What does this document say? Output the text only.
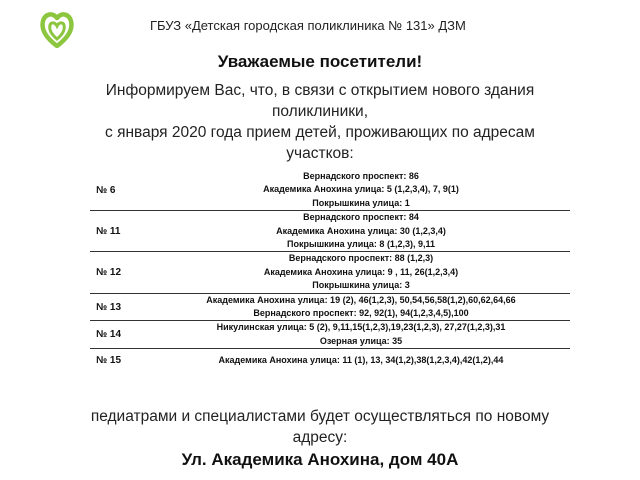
ГБУЗ «Детская городская поликлиника № 131» ДЗМ
Уважаемые посетители!
Информируем Вас, что, в связи с открытием нового здания
поликлиники,
с января 2020 года прием детей, проживающих по адресам
участков:
№ 6	Вернадского проспект: 86
Академика Анохина улица: 5 (1,2,3,4), 7, 9(1)
Покрышкина улица: 1

№ 11	Вернадского проспект: 84
Академика Анохина улица: 30 (1,2,3,4)
Покрышкина улица: 8 (1,2,3), 9,11

№ 12	Вернадского проспект: 88 (1,2,3)
Академика Анохина улица: 9 , 11, 26(1,2,3,4)
Покрышкина улица: 3

№ 13	Академика Анохина улица: 19 (2), 46(1,2,3), 50,54,56,58(1,2),60,62,64,66
Вернадского проспект: 92, 92(1), 94(1,2,3,4,5),100

№ 14	Никулинская улица: 5 (2), 9,11,15(1,2,3),19,23(1,2,3), 27,27(1,2,3),31
Озерная улица: 35

№ 15	Академика Анохина улица: 11 (1), 13, 34(1,2),38(1,2,3,4),42(1,2),44
педиатрами и специалистами будет осуществляться по новому
адресу:
Ул. Академика Анохина, дом 40А
